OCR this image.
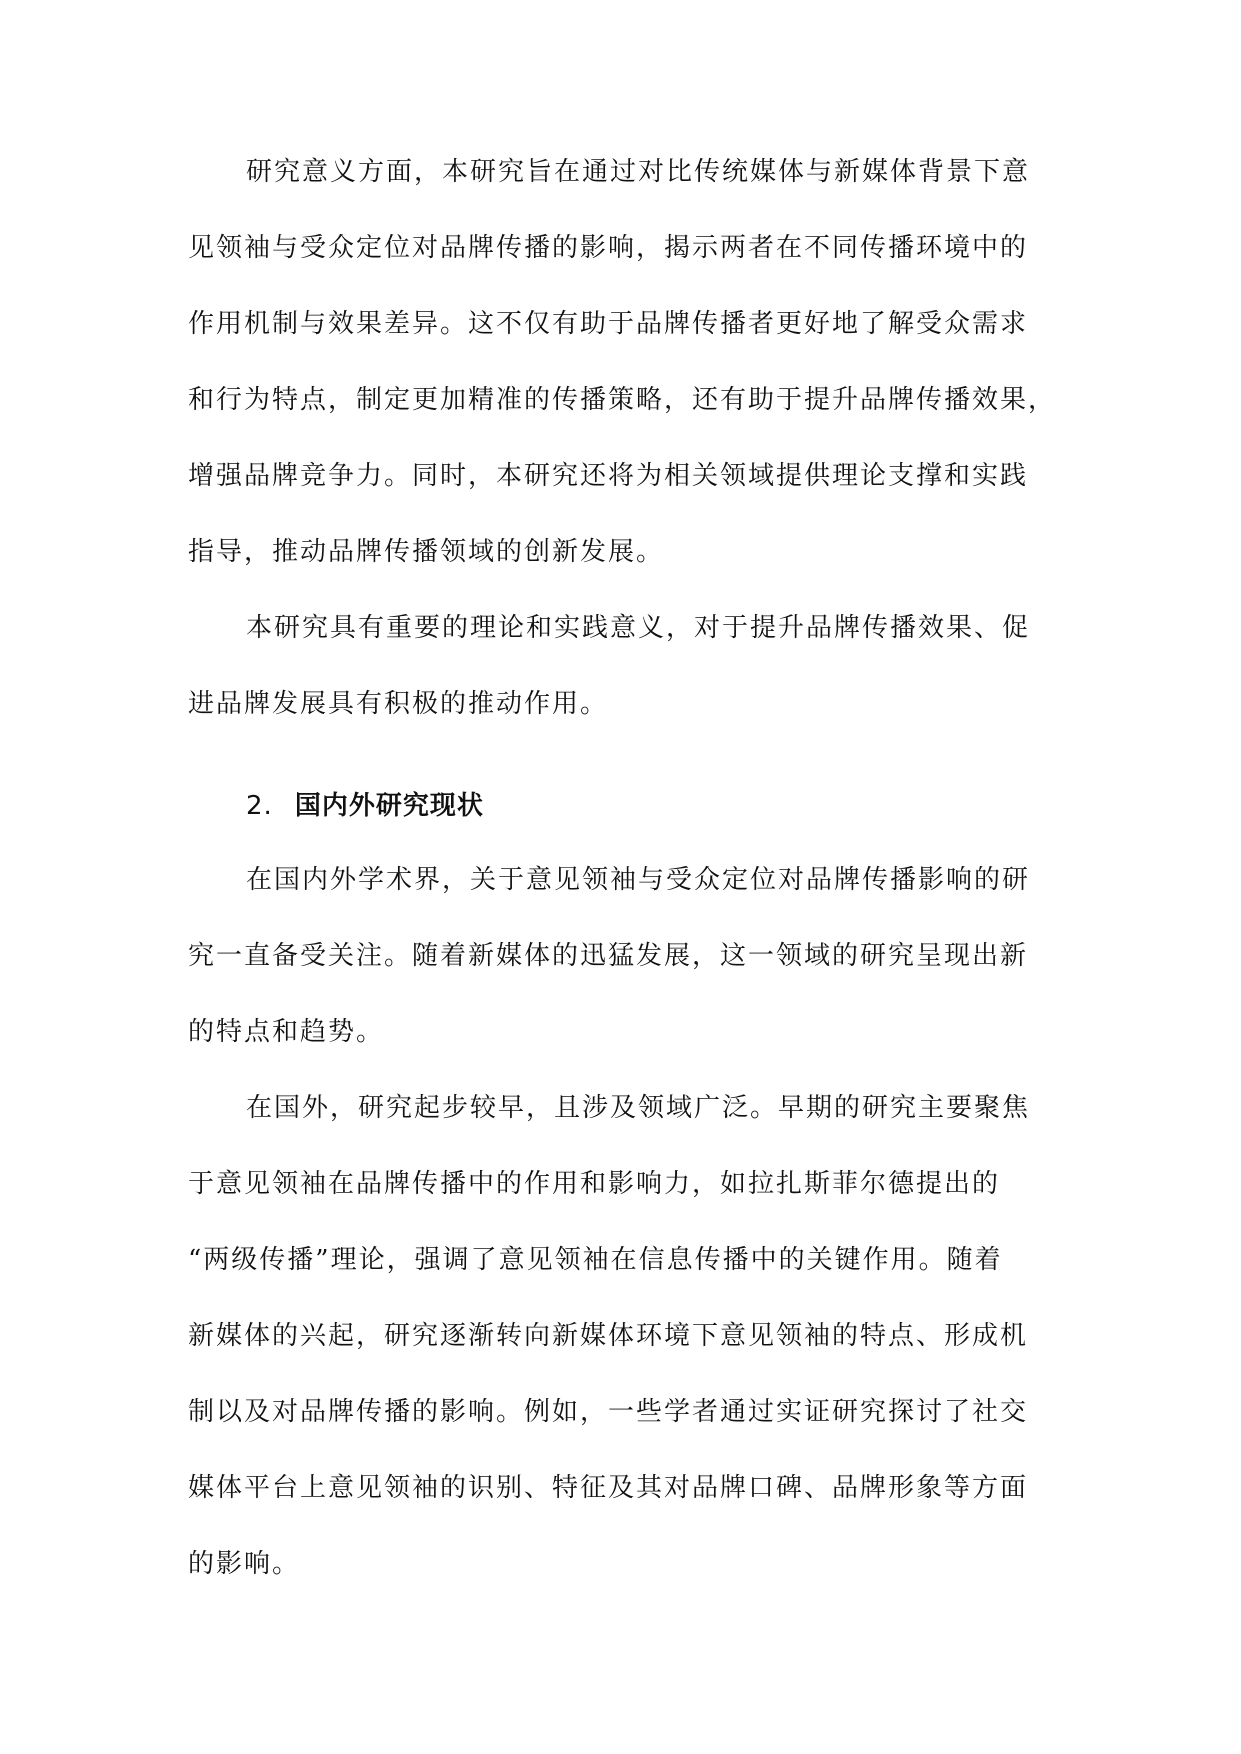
研究意义方面，本研究旨在通过对比传统媒体与新媒体背景下意
见领袖与受众定位对品牌传播的影响，揭示两者在不同传播环境中的
作用机制与效果差异。这不仅有助于品牌传播者更好地了解受众需求
和行为特点，制定更加精准的传播策略，还有助于提升品牌传播效果，
增强品牌竞争力。同时，本研究还将为相关领域提供理论支撑和实践
指导，推动品牌传播领域的创新发展。
本研究具有重要的理论和实践意义，对于提升品牌传播效果、促
进品牌发展具有积极的推动作用。
2. 国内外研究现状
在国内外学术界，关于意见领袖与受众定位对品牌传播影响的研
究一直备受关注。随着新媒体的迅猛发展，这一领域的研究呈现出新
的特点和趋势。
在国外，研究起步较早，且涉及领域广泛。早期的研究主要聚焦
于意见领袖在品牌传播中的作用和影响力，如拉扎斯菲尔德提出的
“两级传播”理论，强调了意见领袖在信息传播中的关键作用。随着
新媒体的兴起，研究逐渐转向新媒体环境下意见领袖的特点、形成机
制以及对品牌传播的影响。例如，一些学者通过实证研究探讨了社交
媒体平台上意见领袖的识别、特征及其对品牌口碑、品牌形象等方面
的影响。
